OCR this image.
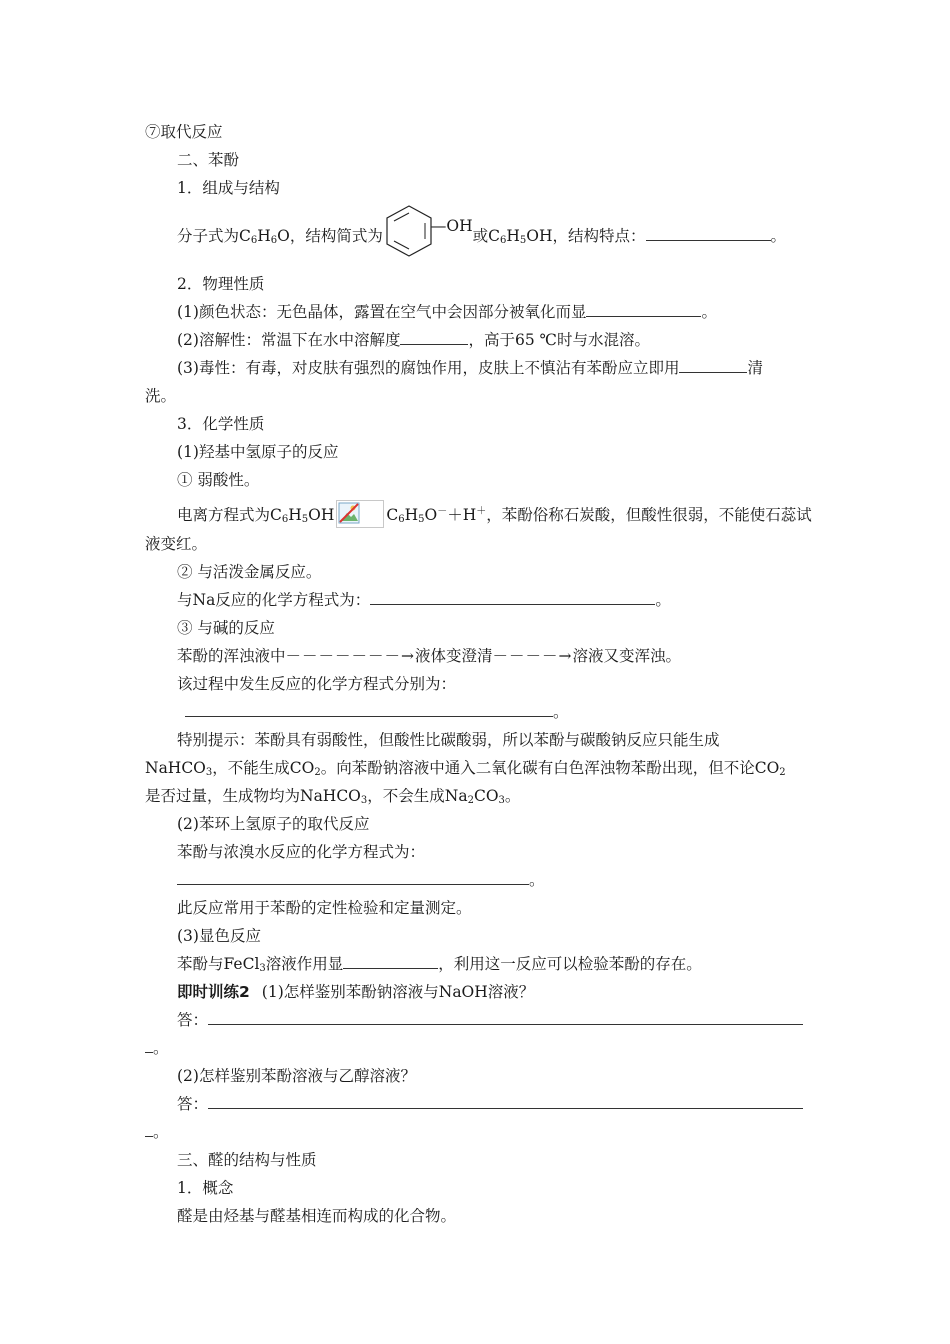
⑦取代反应
二、苯酚
1．组成与结构
分子式为$C_6H_6O$，结构简式为—OH或$C_6H_5OH$，结构特点：	。
2．物理性质
(1)颜色状态：无色晶体，露置在空气中会因部分被氧化而显	。
(2)溶解性：常温下在水中溶解度	，高于65 ℃时与水混溶。
(3)毒性：有毒，对皮肤有强烈的腐蚀作用，皮肤上不慎沾有苯酚应立即用	清
洗。
3．化学性质
(1)羟基中氢原子的反应
① 弱酸性。
电离方程式为$C_6H_5OH$	$C_6H_5O^-+H^+$，苯酚俗称石炭酸，但酸性很弱，不能使石蕊试
液变红。
② 与活泼金属反应。
与Na反应的化学方程式为：	。
③ 与碱的反应
苯酚的浑浊液中－－－－－－－→液体变澄清－－－－→溶液又变浑浊。
该过程中发生反应的化学方程式分别为：
。
特别提示：苯酚具有弱酸性，但酸性比碳酸弱，所以苯酚与碳酸钠反应只能生成
NaHCO$_3$，不能生成$CO_2$。向苯酚钠溶液中通入二氧化碳有白色浑浊物苯酚出现，但不论$CO_2$
是否过量，生成物均为NaHCO$_3$，不会生成$Na_2CO_3$。
(2)苯环上氢原子的取代反应
苯酚与浓溴水反应的化学方程式为：
。
此反应常用于苯酚的定性检验和定量测定。
(3)显色反应
苯酚与FeCl$_3$溶液作用显	，利用这一反应可以检验苯酚的存在。
即时训练2 (1)怎样鉴别苯酚钠溶液与NaOH溶液？
答：
。
(2)怎样鉴别苯酚溶液与乙醇溶液？
答：
。
三、醛的结构与性质
1．概念
醛是由烃基与醛基相连而构成的化合物。
